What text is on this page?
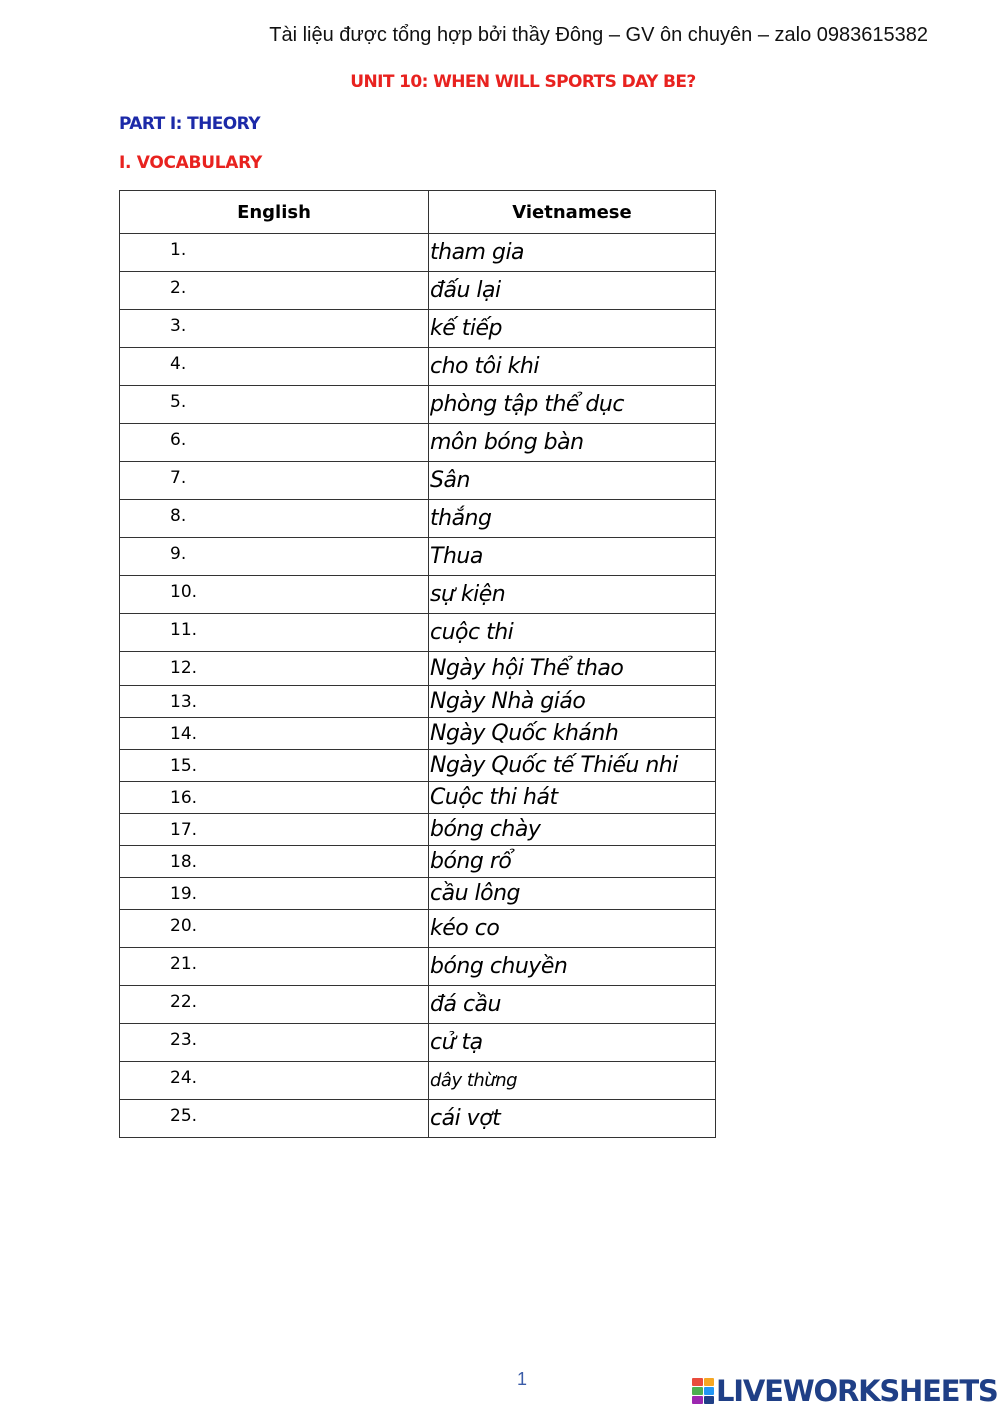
Tài liệu được tổng hợp bởi thầy Đông – GV ôn chuyên – zalo 0983615382
UNIT 10: WHEN WILL SPORTS DAY BE?
PART I: THEORY
I. VOCABULARY
English	Vietnamese
1.	tham gia
2.	đấu lại
3.	kế tiếp
4.	cho tôi khi
5.	phòng tập thể dục
6.	môn bóng bàn
7.	Sân
8.	thắng
9.	Thua
10.	sự kiện
11.	cuộc thi
12.	Ngày hội Thể thao
13.	Ngày Nhà giáo
14.	Ngày Quốc khánh
15.	Ngày Quốc tế Thiếu nhi
16.	Cuộc thi hát
17.	bóng chày
18.	bóng rổ
19.	cầu lông
20.	kéo co
21.	bóng chuyền
22.	đá cầu
23.	cử tạ
24.	dây thừng
25.	cái vợt
1	LIVEWORKSHEETS
